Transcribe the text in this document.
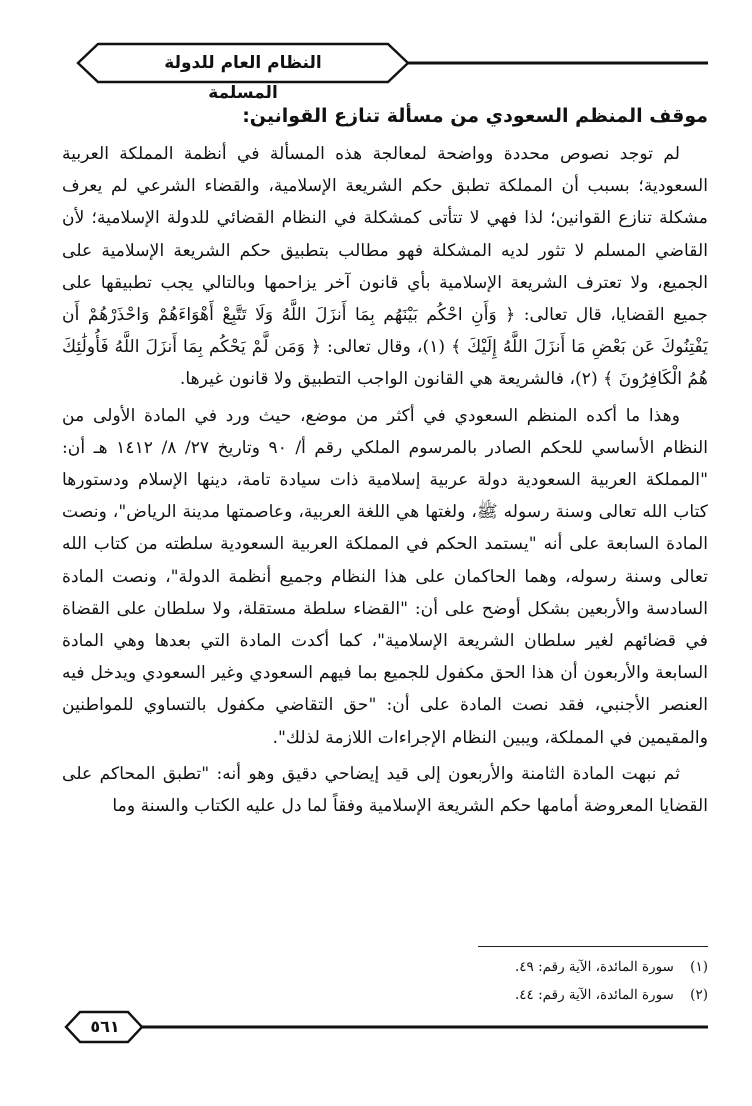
النظام العام للدولة المسلمة
موقف المنظم السعودي من مسألة تنازع القوانين:

لم توجد نصوص محددة وواضحة لمعالجة هذه المسألة في أنظمة المملكة العربية السعودية؛ بسبب أن المملكة تطبق حكم الشريعة الإسلامية، والقضاء الشرعي لم يعرف مشكلة تنازع القوانين؛ لذا فهي لا تتأتى كمشكلة في النظام القضائي للدولة الإسلامية؛ لأن القاضي المسلم لا تثور لديه المشكلة فهو مطالب بتطبيق حكم الشريعة الإسلامية على الجميع، ولا تعترف الشريعة الإسلامية بأي قانون آخر يزاحمها وبالتالي يجب تطبيقها على جميع القضايا، قال تعالى: ﴿ وَأَنِ احْكُم بَيْنَهُم بِمَا أَنزَلَ اللَّهُ وَلَا تَتَّبِعْ أَهْوَاءَهُمْ وَاحْذَرْهُمْ أَن يَفْتِنُوكَ عَن بَعْضِ مَا أَنزَلَ اللَّهُ إِلَيْكَ ﴾ (١)، وقال تعالى: ﴿ وَمَن لَّمْ يَحْكُم بِمَا أَنزَلَ اللَّهُ فَأُولَٰئِكَ هُمُ الْكَافِرُونَ ﴾ (٢)، فالشريعة هي القانون الواجب التطبيق ولا قانون غيرها.

وهذا ما أكده المنظم السعودي في أكثر من موضع، حيث ورد في المادة الأولى من النظام الأساسي للحكم الصادر بالمرسوم الملكي رقم أ/ ٩٠ وتاريخ ٢٧/ ٨/ ١٤١٢ هـ أن: "المملكة العربية السعودية دولة عربية إسلامية ذات سيادة تامة، دينها الإسلام ودستورها كتاب الله تعالى وسنة رسوله ﷺ، ولغتها هي اللغة العربية، وعاصمتها مدينة الرياض"، ونصت المادة السابعة على أنه "يستمد الحكم في المملكة العربية السعودية سلطته من كتاب الله تعالى وسنة رسوله، وهما الحاكمان على هذا النظام وجميع أنظمة الدولة"، ونصت المادة السادسة والأربعين بشكل أوضح على أن: "القضاء سلطة مستقلة، ولا سلطان على القضاة في قضائهم لغير سلطان الشريعة الإسلامية"، كما أكدت المادة التي بعدها وهي المادة السابعة والأربعون أن هذا الحق مكفول للجميع بما فيهم السعودي وغير السعودي ويدخل فيه العنصر الأجنبي، فقد نصت المادة على أن: "حق التقاضي مكفول بالتساوي للمواطنين والمقيمين في المملكة، ويبين النظام الإجراءات اللازمة لذلك".

ثم نبهت المادة الثامنة والأربعون إلى قيد إيضاحي دقيق وهو أنه: "تطبق المحاكم على القضايا المعروضة أمامها حكم الشريعة الإسلامية وفقاً لما دل عليه الكتاب والسنة وما

(١) سورة المائدة، الآية رقم: ٤٩.
(٢) سورة المائدة، الآية رقم: ٤٤.
٥٦١
